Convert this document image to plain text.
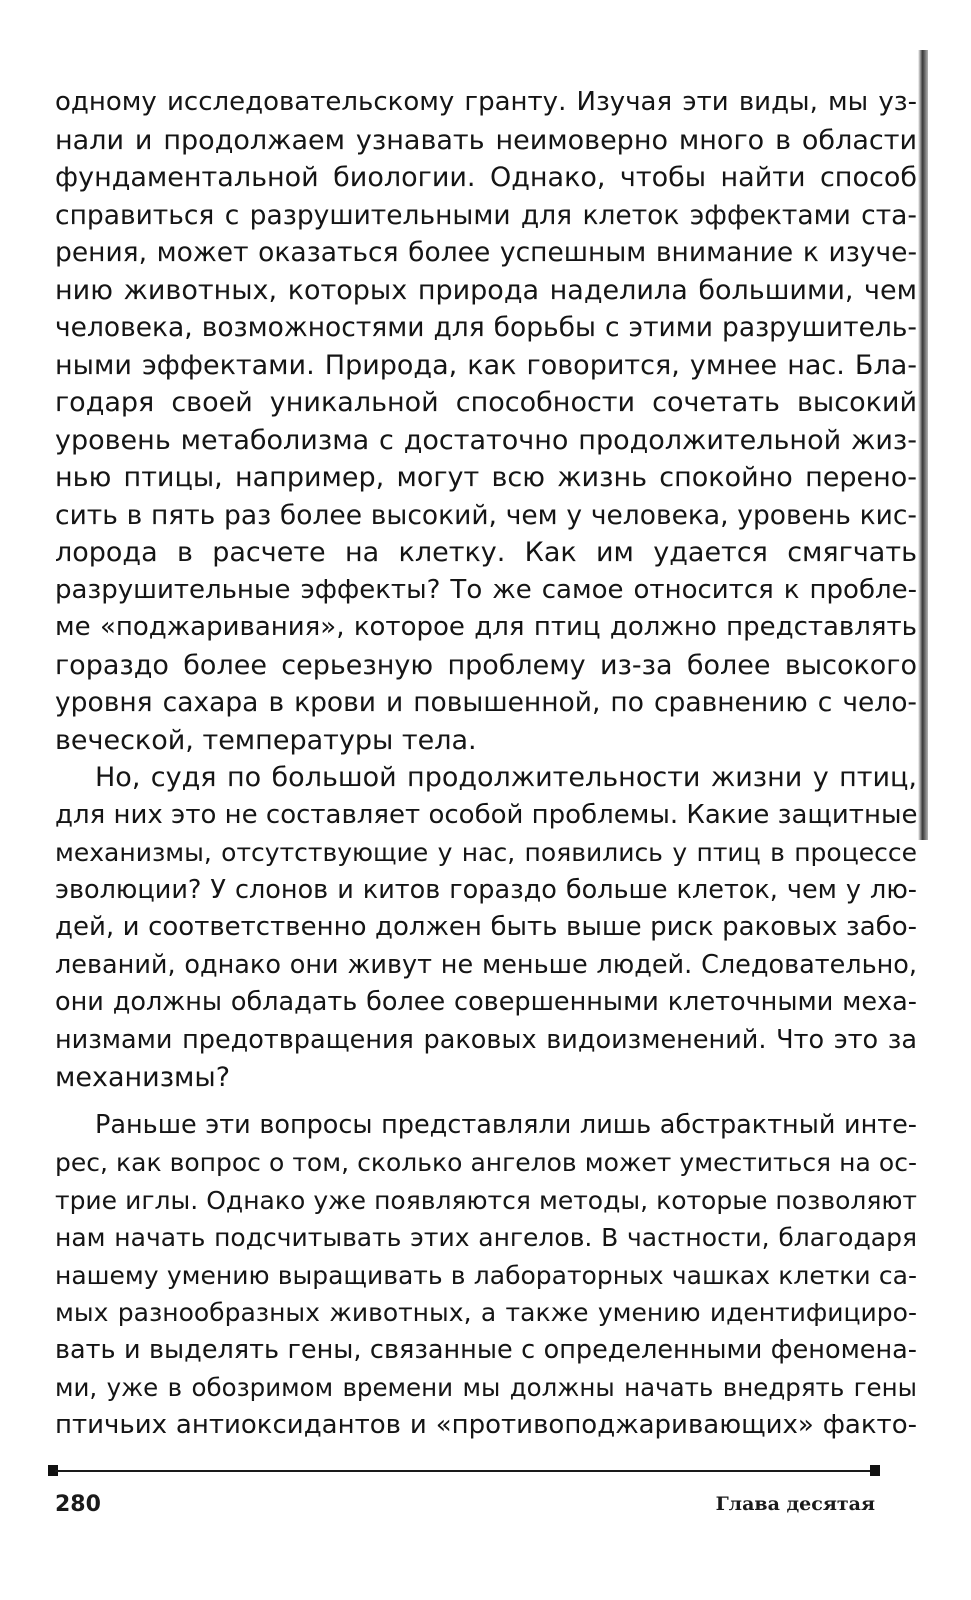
одному исследовательскому гранту. Изучая эти виды, мы уз-
нали и продолжаем узнавать неимоверно много в области
фундаментальной биологии. Однако, чтобы найти способ
справиться с разрушительными для клеток эффектами ста-
рения, может оказаться более успешным внимание к изуче-
нию животных, которых природа наделила большими, чем
человека, возможностями для борьбы с этими разрушитель-
ными эффектами. Природа, как говорится, умнее нас. Бла-
годаря своей уникальной способности сочетать высокий
уровень метаболизма с достаточно продолжительной жиз-
нью птицы, например, могут всю жизнь спокойно перено-
сить в пять раз более высокий, чем у человека, уровень кис-
лорода в расчете на клетку. Как им удается смягчать
разрушительные эффекты? То же самое относится к пробле-
ме «поджаривания», которое для птиц должно представлять
гораздо более серьезную проблему из-за более высокого
уровня сахара в крови и повышенной, по сравнению с чело-
веческой, температуры тела.
Но, судя по большой продолжительности жизни у птиц,
для них это не составляет особой проблемы. Какие защитные
механизмы, отсутствующие у нас, появились у птиц в процессе
эволюции? У слонов и китов гораздо больше клеток, чем у лю-
дей, и соответственно должен быть выше риск раковых забо-
леваний, однако они живут не меньше людей. Следовательно,
они должны обладать более совершенными клеточными меха-
низмами предотвращения раковых видоизменений. Что это за
механизмы?
Раньше эти вопросы представляли лишь абстрактный инте-
рес, как вопрос о том, сколько ангелов может уместиться на ос-
трие иглы. Однако уже появляются методы, которые позволяют
нам начать подсчитывать этих ангелов. В частности, благодаря
нашему умению выращивать в лабораторных чашках клетки са-
мых разнообразных животных, а также умению идентифициро-
вать и выделять гены, связанные с определенными феномена-
ми, уже в обозримом времени мы должны начать внедрять гены
птичьих антиоксидантов и «противоподжаривающих» факто-
280	Глава десятая
